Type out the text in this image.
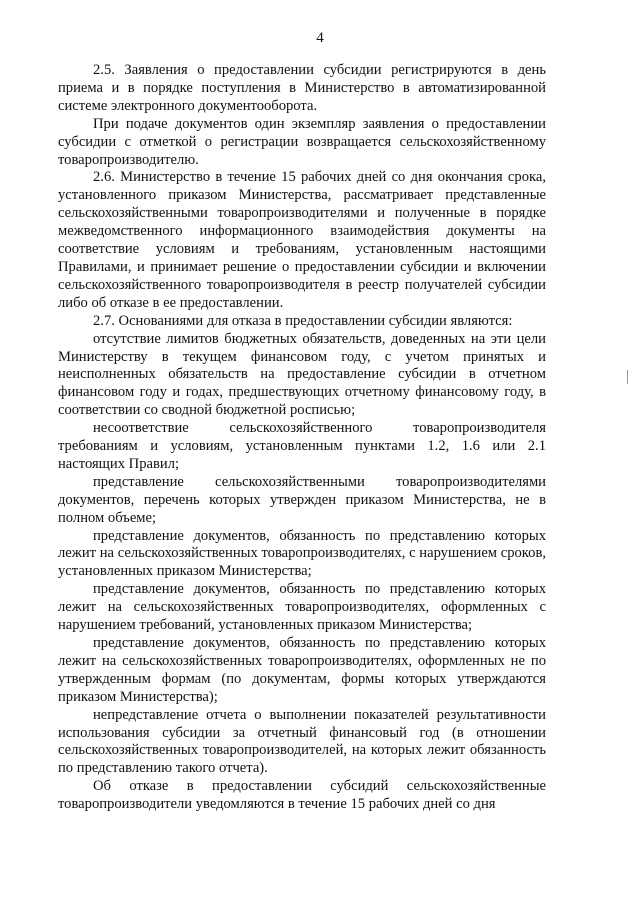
4

2.5. Заявления о предоставлении субсидии регистрируются в день приема и в порядке поступления в Министерство в автоматизированной системе электронного документооборота.

При подаче документов один экземпляр заявления о предоставлении субсидии с отметкой о регистрации возвращается сельскохозяйственному товаропроизводителю.

2.6. Министерство в течение 15 рабочих дней со дня окончания срока, установленного приказом Министерства, рассматривает представленные сельскохозяйственными товаропроизводителями и полученные в порядке межведомственного информационного взаимодействия документы на соответствие условиям и требованиям, установленным настоящими Правилами, и принимает решение о предоставлении субсидии и включении сельскохозяйственного товаропроизводителя в реестр получателей субсидии либо об отказе в ее предоставлении.

2.7. Основаниями для отказа в предоставлении субсидии являются:

отсутствие лимитов бюджетных обязательств, доведенных на эти цели Министерству в текущем финансовом году, с учетом принятых и неисполненных обязательств на предоставление субсидии в отчетном финансовом году и годах, предшествующих отчетному финансовому году, в соответствии со сводной бюджетной росписью;

несоответствие сельскохозяйственного товаропроизводителя требованиям и условиям, установленным пунктами 1.2, 1.6 или 2.1 настоящих Правил;

представление сельскохозяйственными товаропроизводителями документов, перечень которых утвержден приказом Министерства, не в полном объеме;

представление документов, обязанность по представлению которых лежит на сельскохозяйственных товаропроизводителях, с нарушением сроков, установленных приказом Министерства;

представление документов, обязанность по представлению которых лежит на сельскохозяйственных товаропроизводителях, оформленных с нарушением требований, установленных приказом Министерства;

представление документов, обязанность по представлению которых лежит на сельскохозяйственных товаропроизводителях, оформленных не по утвержденным формам (по документам, формы которых утверждаются приказом Министерства);

непредставление отчета о выполнении показателей результативности использования субсидии за отчетный финансовый год (в отношении сельскохозяйственных товаропроизводителей, на которых лежит обязанность по представлению такого отчета).

Об отказе в предоставлении субсидий сельскохозяйственные товаропроизводители уведомляются в течение 15 рабочих дней со дня
